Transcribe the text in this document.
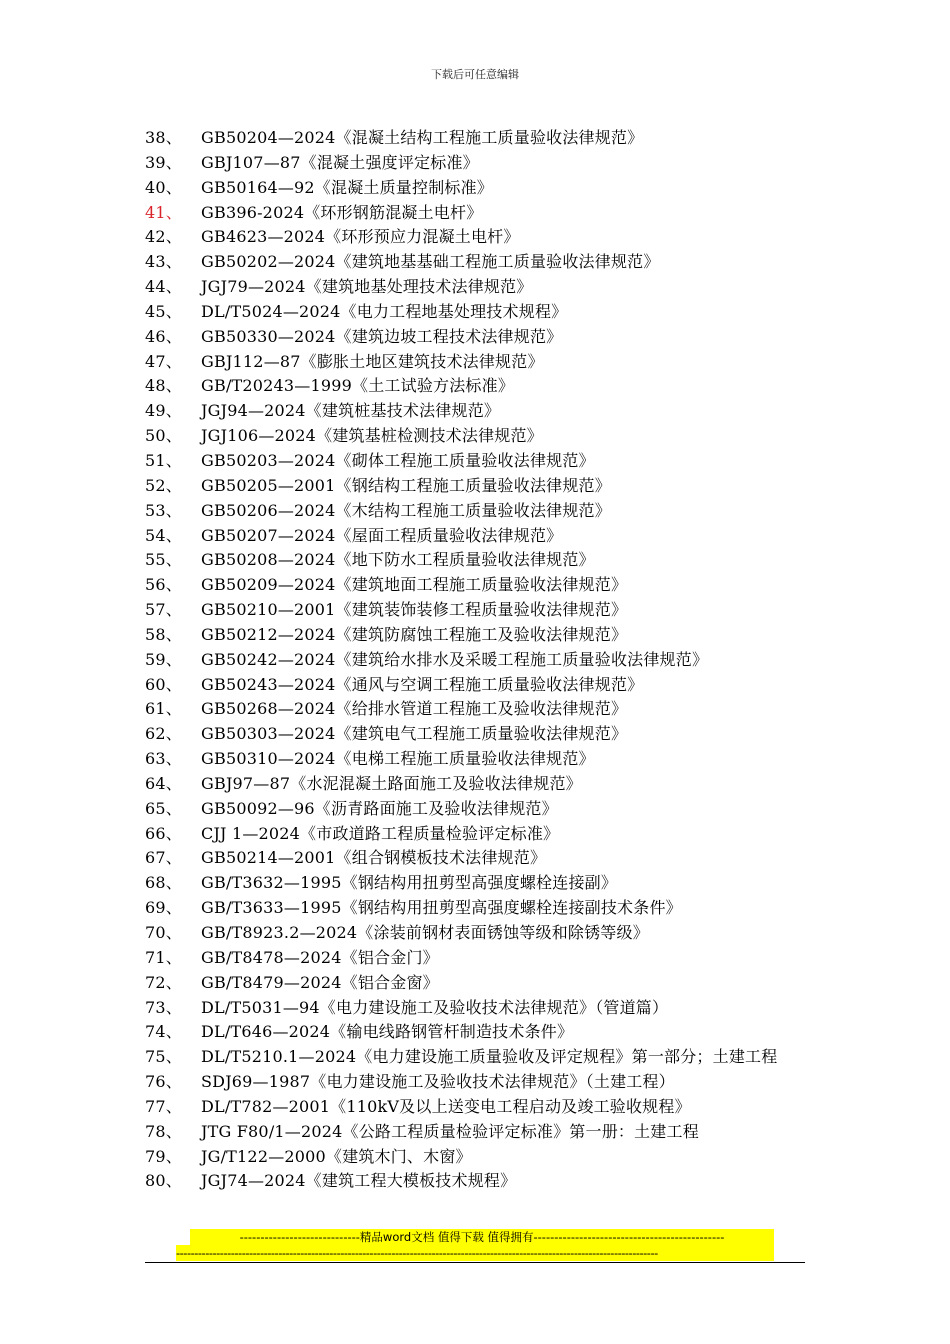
下载后可任意编辑
38、	GB50204—2024《混凝土结构工程施工质量验收法律规范》
39、	GBJ107—87《混凝土强度评定标准》
40、	GB50164—92《混凝土质量控制标准》
41、	GB396-2024《环形钢筋混凝土电杆》
42、	GB4623—2024《环形预应力混凝土电杆》
43、	GB50202—2024《建筑地基基础工程施工质量验收法律规范》
44、	JGJ79—2024《建筑地基处理技术法律规范》
45、	DL/T5024—2024《电力工程地基处理技术规程》
46、	GB50330—2024《建筑边坡工程技术法律规范》
47、	GBJ112—87《膨胀土地区建筑技术法律规范》
48、	GB/T20243—1999《土工试验方法标准》
49、	JGJ94—2024《建筑桩基技术法律规范》
50、	JGJ106—2024《建筑基桩检测技术法律规范》
51、	GB50203—2024《砌体工程施工质量验收法律规范》
52、	GB50205—2001《钢结构工程施工质量验收法律规范》
53、	GB50206—2024《木结构工程施工质量验收法律规范》
54、	GB50207—2024《屋面工程质量验收法律规范》
55、	GB50208—2024《地下防水工程质量验收法律规范》
56、	GB50209—2024《建筑地面工程施工质量验收法律规范》
57、	GB50210—2001《建筑装饰装修工程质量验收法律规范》
58、	GB50212—2024《建筑防腐蚀工程施工及验收法律规范》
59、	GB50242—2024《建筑给水排水及采暖工程施工质量验收法律规范》
60、	GB50243—2024《通风与空调工程施工质量验收法律规范》
61、	GB50268—2024《给排水管道工程施工及验收法律规范》
62、	GB50303—2024《建筑电气工程施工质量验收法律规范》
63、	GB50310—2024《电梯工程施工质量验收法律规范》
64、	GBJ97—87《水泥混凝土路面施工及验收法律规范》
65、	GB50092—96《沥青路面施工及验收法律规范》
66、	CJJ 1—2024《市政道路工程质量检验评定标准》
67、	GB50214—2001《组合钢模板技术法律规范》
68、	GB/T3632—1995《钢结构用扭剪型高强度螺栓连接副》
69、	GB/T3633—1995《钢结构用扭剪型高强度螺栓连接副技术条件》
70、	GB/T8923.2—2024《涂装前钢材表面锈蚀等级和除锈等级》
71、	GB/T8478—2024《铝合金门》
72、	GB/T8479—2024《铝合金窗》
73、	DL/T5031—94《电力建设施工及验收技术法律规范》（管道篇）
74、	DL/T646—2024《输电线路钢管杆制造技术条件》
75、	DL/T5210.1—2024《电力建设施工质量验收及评定规程》第一部分；土建工程
76、	SDJ69—1987《电力建设施工及验收技术法律规范》（土建工程）
77、	DL/T782—2001《110kV及以上送变电工程启动及竣工验收规程》
78、	JTG F80/1—2024《公路工程质量检验评定标准》第一册：土建工程
79、	JG/T122—2000《建筑木门、木窗》
80、	JGJ74—2024《建筑工程大模板技术规程》
-----------------------------精品word文档 值得下载 值得拥有----------------------------------------------
------------------------------------------------------------------------------------------------------------------------------------
